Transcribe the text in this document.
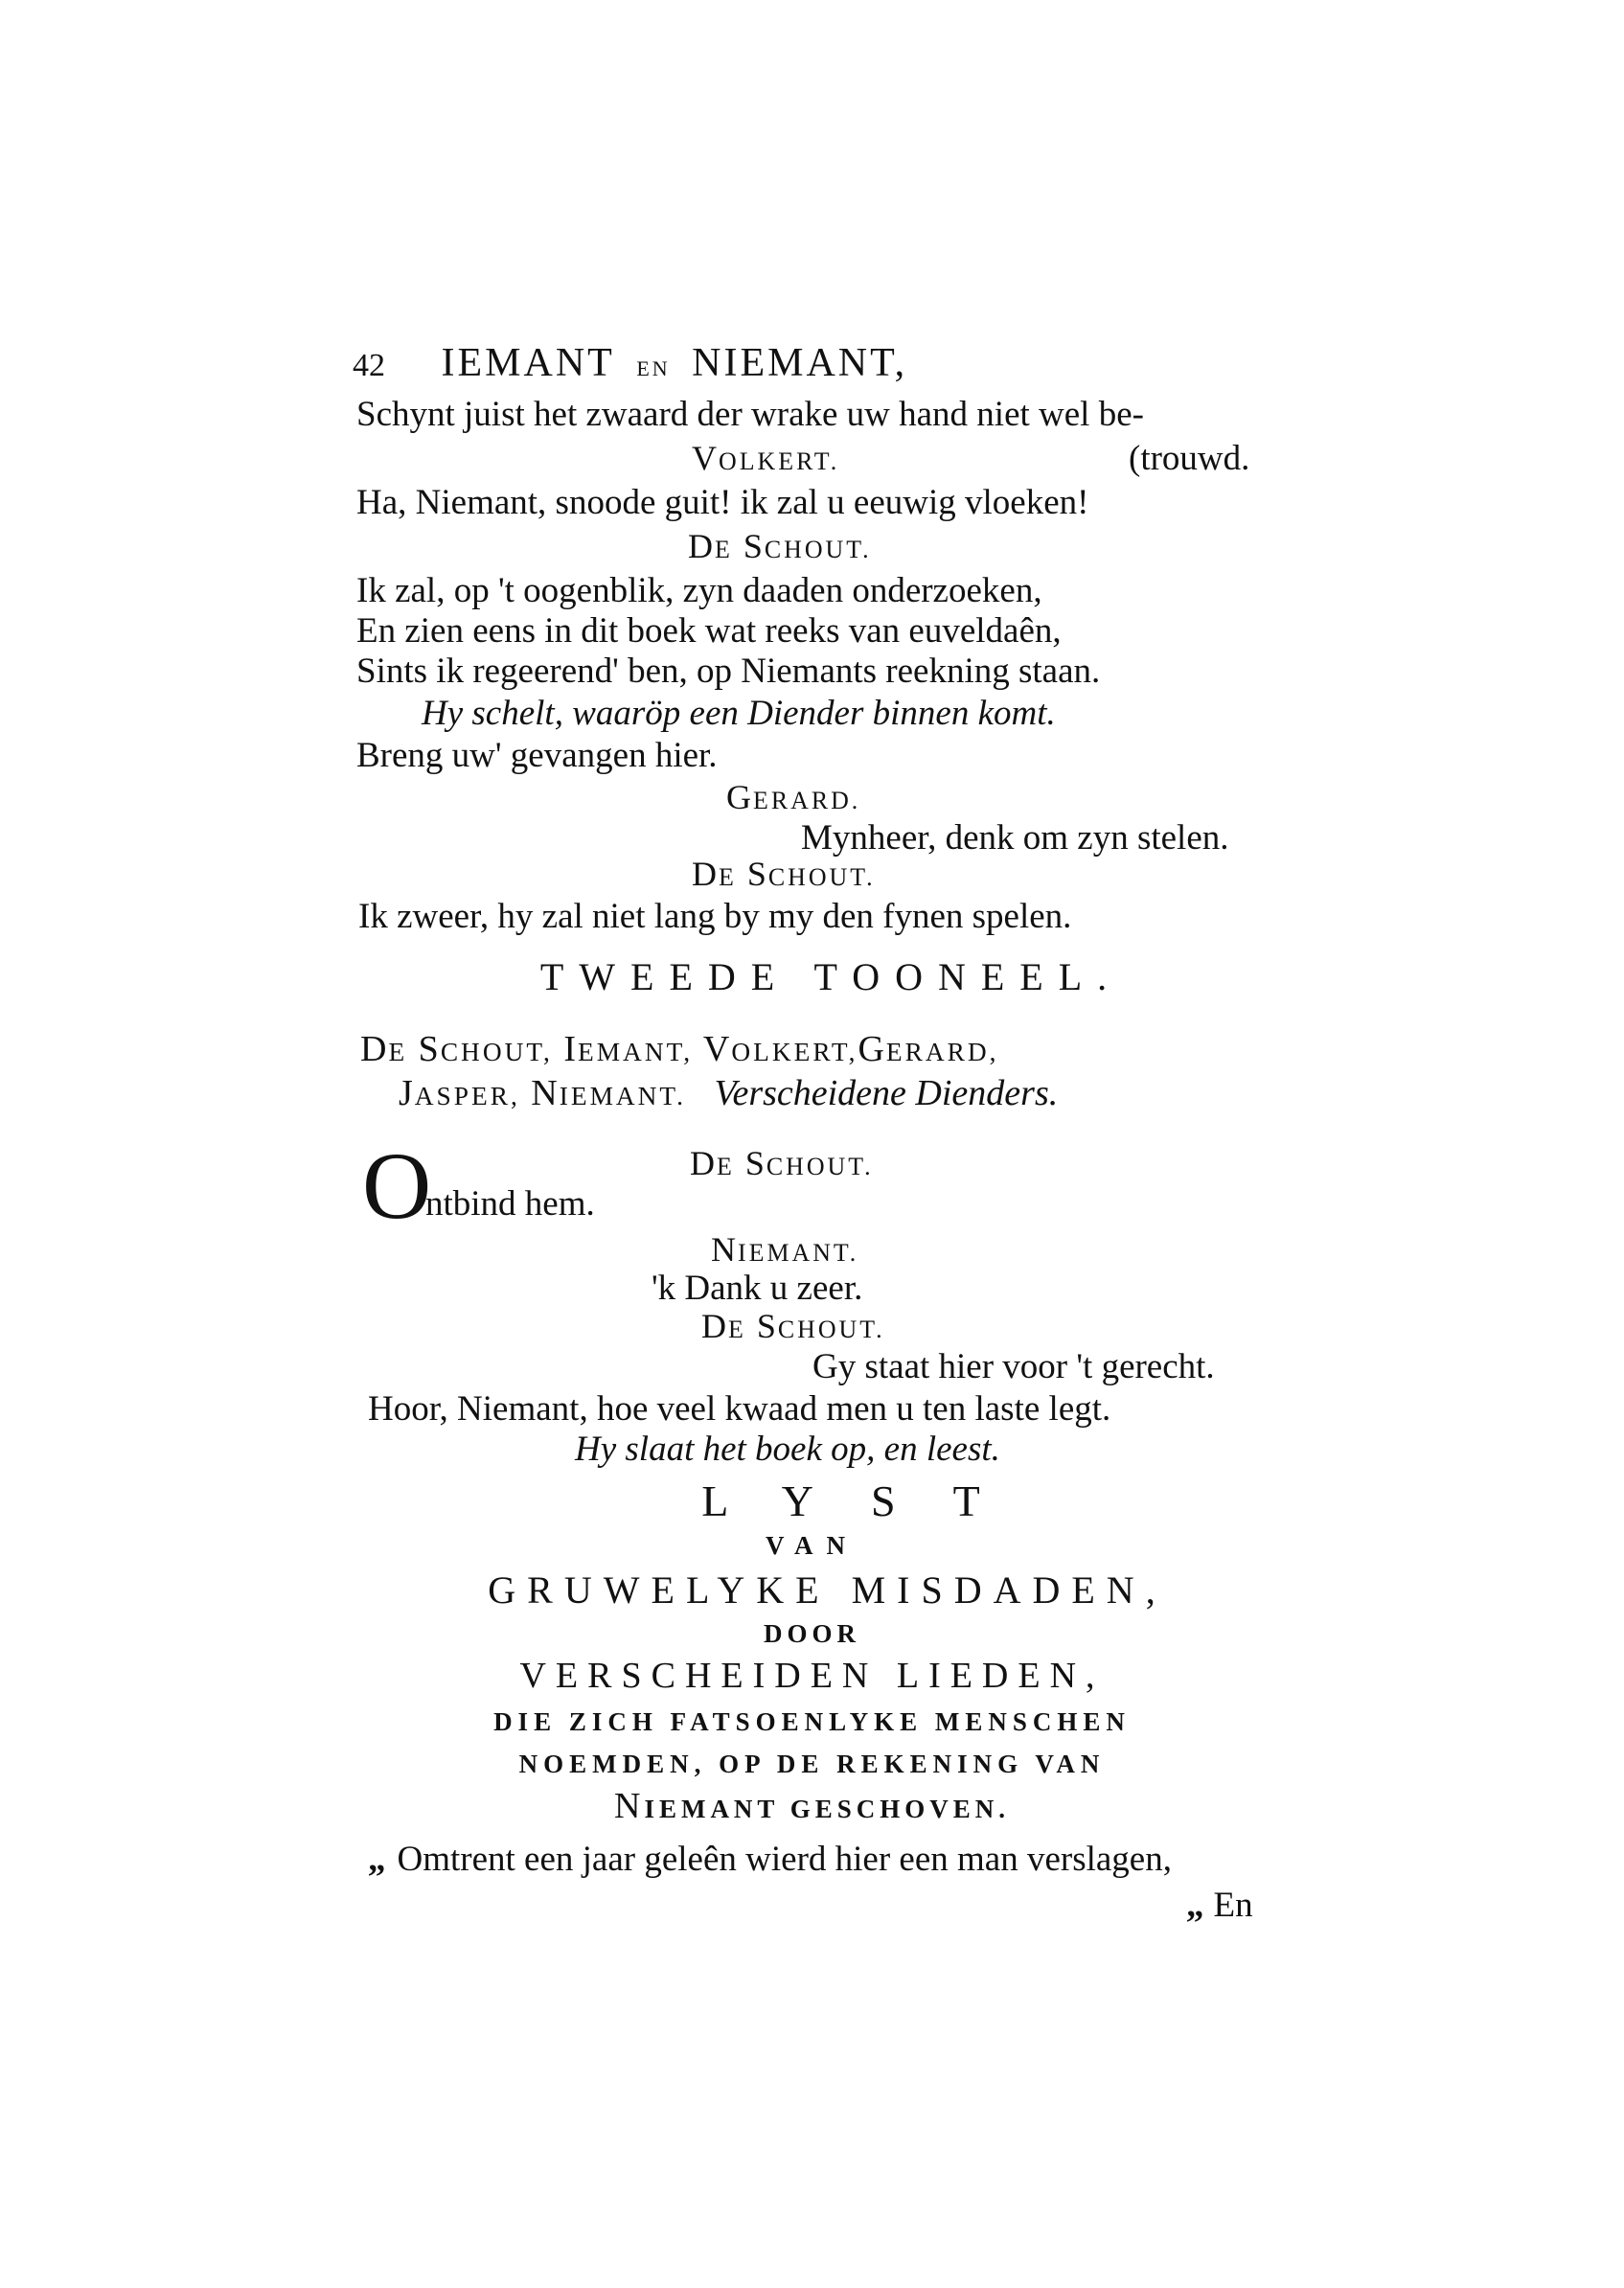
42 IEMANT EN NIEMANT,
Schynt juist het zwaard der wrake uw hand niet wel be-
VOLKERT.	(trouwd.
Ha, Niemant, snoode guit! ik zal u eeuwig vloeken!
DE SCHOUT.
Ik zal, op 't oogenblik, zyn daaden onderzoeken,
En zien eens in dit boek wat reeks van euveldaên,
Sints ik regeerend' ben, op Niemants reekning staan.
Hy schelt, waaröp een Diender binnen komt.
Breng uw' gevangen hier.
GERARD.
Mynheer, denk om zyn stelen.
DE SCHOUT.
Ik zweer, hy zal niet lang by my den fynen spelen.
TWEEDE TOONEEL.
DE SCHOUT, IEMANT, VOLKERT,GERARD,
JASPER, NIEMANT. Verscheidene Dienders.
DE SCHOUT.
O
ntbind hem.
NIEMANT.
'k Dank u zeer.
DE SCHOUT.
Gy staat hier voor 't gerecht.
Hoor, Niemant, hoe veel kwaad men u ten laste legt.
Hy slaat het boek op, en leest.
LYST
VAN
GRUWELYKE MISDADEN,
DOOR
VERSCHEIDEN LIEDEN,
DIE ZICH FATSOENLYKE MENSCHEN
NOEMDEN, OP DE REKENING VAN
NIEMANT GESCHOVEN.
„ Omtrent een jaar geleên wierd hier een man verslagen,
„ En
